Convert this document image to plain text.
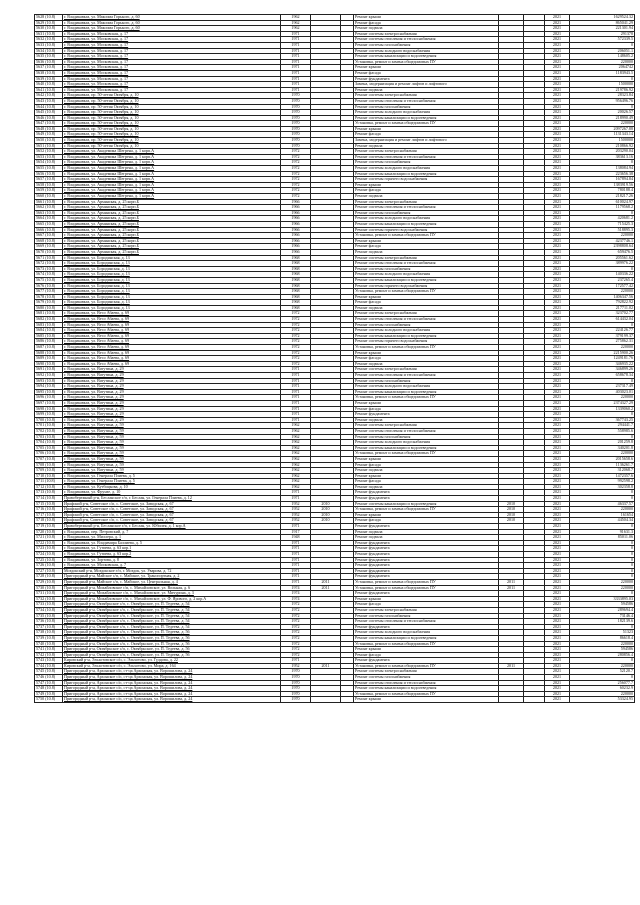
5628 (10.8)	г. Владикавказ, ул. Максима Горького, д. 60	1962			Ремонт крыши			2021	1629524.32
5629 (10.8)	г. Владикавказ, ул. Максима Горького, д. 60	1962			Ремонт фасада			2021	865041.29
5630 (10.8)	г. Владикавказ, ул. Максима Горького, д. 60	1962			Ремонт подвала			2021	221301.94
5631 (10.8)	г. Владикавказ, ул. Московская, д. 17	1971			Ремонт системы электроснабжения			2021	291378
5632 (10.8)	г. Владикавказ, ул. Московская, д. 17	1971			Ремонт системы отопления и теплоснабжения			2021	572339.5
5633 (10.8)	г. Владикавказ, ул. Московская, д. 17	1971			Ремонт системы газоснабжения			2021	0
5634 (10.8)	г. Владикавказ, ул. Московская, д. 17	1971			Ремонт системы холодного водоснабжения			2021	206051.1
5635 (10.8)	г. Владикавказ, ул. Московская, д. 17	1971			Ремонт системы канализации и водоотведения			2021	148605.2
5636 (10.8)	г. Владикавказ, ул. Московская, д. 17	1971			Установка, ремонт и замена общедомовых ПУ			2021	220000
5637 (10.8)	г. Владикавказ, ул. Московская, д. 17	1971			Ремонт крыши			2021	2064742
5638 (10.8)	г. Владикавказ, ул. Московская, д. 17	1971			Ремонт фасада			2021	1183943.5
5639 (10.8)	г. Владикавказ, ул. Московская, д. 17	1971			Ремонт фундамента			2021	0
5640 (10.8)	г. Владикавказ, ул. Московская, д. 17	1971			Замена, модернизация и ремонт лифтов и лифтового			2021	1500000
5641 (10.8)	г. Владикавказ, ул. Московская, д. 17	1971			Ремонт подвала			2021	219786.92
5642 (10.8)	г. Владикавказ, пр. 50-летия Октября, д. 10	1970			Ремонт системы электроснабжения			2021	28323.84
5643 (10.8)	г. Владикавказ, пр. 50-летия Октября, д. 10	1970			Ремонт системы отопления и теплоснабжения			2021	956496.76
5644 (10.8)	г. Владикавказ, пр. 50-летия Октября, д. 10	1970			Ремонт системы газоснабжения			2021	0
5645 (10.8)	г. Владикавказ, пр. 50-летия Октября, д. 10	1970			Ремонт системы холодного водоснабжения			2021	20026.57
5646 (10.8)	г. Владикавказ, пр. 50-летия Октября, д. 10	1970			Ремонт системы канализации и водоотведения			2021	218990.49
5647 (10.8)	г. Владикавказ, пр. 50-летия Октября, д. 10	1970			Установка, ремонт и замена общедомовых ПУ			2021	220000
5648 (10.8)	г. Владикавказ, пр. 50-летия Октября, д. 10	1970			Ремонт крыши			2021	2097267.88
5649 (10.8)	г. Владикавказ, пр. 50-летия Октября, д. 10	1970			Ремонт фасада			2021	1131343.14
5650 (10.8)	г. Владикавказ, пр. 50-летия Октября, д. 10	1970			Замена, модернизация и ремонт лифтов и лифтового			2021	1500000
5651 (10.8)	г. Владикавказ, пр. 50-летия Октября, д. 10	1970			Ремонт подвала			2021	210866.92
5652 (10.8)	г. Владикавказ, ул. Академика Шегрена, д. 1 корп.А	1972			Ремонт системы электроснабжения			2021	203290.04
5653 (10.8)	г. Владикавказ, ул. Академика Шегрена, д. 1 корп.А	1972			Ремонт системы отопления и теплоснабжения			2021	383613.16
5654 (10.8)	г. Владикавказ, ул. Академика Шегрена, д. 1 корп.А	1972			Ремонт системы газоснабжения			2021	0
5655 (10.8)	г. Владикавказ, ул. Академика Шегрена, д. 1 корп.А	1972			Ремонт системы холодного водоснабжения			2021	138084.94
5656 (10.8)	г. Владикавказ, ул. Академика Шегрена, д. 1 корп.А	1972			Ремонт системы канализации и водоотведения			2021	223656.38
5657 (10.8)	г. Владикавказ, ул. Академика Шегрена, д. 1 корп.А	1972			Ремонт системы горячего водоснабжения			2021	167894.84
5658 (10.8)	г. Владикавказ, ул. Академика Шегрена, д. 1 корп.А	1972			Ремонт крыши			2021	1383919.56
5659 (10.8)	г. Владикавказ, ул. Академика Шегрена, д. 1 корп.А	1972			Ремонт фасада			2021	780188.4
5660 (10.8)	г. Владикавказ, ул. Академика Шегрена, д. 1 корп.А	1972			Ремонт подвала			2021	218217.26
5661 (10.8)	г. Владикавказ, ул. Армянская, д. 25 корп.Б	1966			Ремонт системы электроснабжения			2021	610024.97
5662 (10.8)	г. Владикавказ, ул. Армянская, д. 25 корп.Б	1966			Ремонт системы отопления и теплоснабжения			2021	1179568.2
5663 (10.8)	г. Владикавказ, ул. Армянская, д. 25 корп.Б	1966			Ремонт системы газоснабжения			2021	0
5664 (10.8)	г. Владикавказ, ул. Армянская, д. 25 корп.Б	1966			Ремонт системы холодного водоснабжения			2021	420681.2
5665 (10.8)	г. Владикавказ, ул. Армянская, д. 25 корп.Б	1966			Ремонт системы канализации и водоотведения			2021	715425.3
5666 (10.8)	г. Владикавказ, ул. Армянская, д. 25 корп.Б	1966			Ремонт системы горячего водоснабжения			2021	518895.3
5667 (10.8)	г. Владикавказ, ул. Армянская, д. 25 корп.Б	1966			Установка, ремонт и замена общедомовых ПУ			2021	220000
5668 (10.8)	г. Владикавказ, ул. Армянская, д. 25 корп.Б	1966			Ремонт крыши			2021	4237746.1
5669 (10.8)	г. Владикавказ, ул. Армянская, д. 25 корп.Б	1966			Ремонт фасада			2021	2398808.64
5670 (10.8)	г. Владикавказ, ул. Армянская, д. 25 корп.Б	1966			Ремонт подвала			2021	659476.5
5671 (10.8)	г. Владикавказ, ул. Бородинская, д. 13	1968			Ремонт системы электроснабжения			2021	205561.62
5672 (10.8)	г. Владикавказ, ул. Бородинская, д. 13	1968			Ремонт системы отопления и теплоснабжения			2021	389976.22
5673 (10.8)	г. Владикавказ, ул. Бородинская, д. 13	1968			Ремонт системы газоснабжения			2021	0
5674 (10.8)	г. Владикавказ, ул. Бородинская, д. 13	1968			Ремонт системы холодного водоснабжения			2021	140336.22
5675 (10.8)	г. Владикавказ, ул. Бородинская, д. 13	1968			Ремонт системы канализации и водоотведения			2021	237265.4
5676 (10.8)	г. Владикавказ, ул. Бородинская, д. 13	1968			Ремонт системы горячего водоснабжения			2021	172577.42
5677 (10.8)	г. Владикавказ, ул. Бородинская, д. 13	1968			Установка, ремонт и замена общедомовых ПУ			2021	220000
5678 (10.8)	г. Владикавказ, ул. Бородинская, д. 13	1968			Ремонт крыши			2021	1406347.56
5679 (10.8)	г. Владикавказ, ул. Бородинская, д. 13	1968			Ремонт фасада			2021	792822.92
5680 (10.8)	г. Владикавказ, ул. Бородинская, д. 13	1968			Ремонт подвала			2021	217711.02
5681 (10.8)	г. Владикавказ, ул. Весо Абаева, д. 69	1972			Ремонт системы электроснабжения			2021	323702.77
5682 (10.8)	г. Владикавказ, ул. Весо Абаева, д. 69	1972			Ремонт системы отопления и теплоснабжения			2021	614432.04
5683 (10.8)	г. Владикавказ, ул. Весо Абаева, д. 69	1972			Ремонт системы газоснабжения			2021	0
5684 (10.8)	г. Владикавказ, ул. Весо Абаева, д. 69	1972			Ремонт системы холодного водоснабжения			2021	224126.77
5685 (10.8)	г. Владикавказ, ул. Весо Абаева, д. 69	1972			Ремонт системы канализации и водоотведения			2021	379199.37
5686 (10.8)	г. Владикавказ, ул. Весо Абаева, д. 69	1972			Ремонт системы горячего водоснабжения			2021	275862.31
5687 (10.8)	г. Владикавказ, ул. Весо Абаева, д. 69	1972			Установка, ремонт и замена общедомовых ПУ			2021	220000
5688 (10.8)	г. Владикавказ, ул. Весо Абаева, д. 69	1972			Ремонт крыши			2021	2215900.26
5689 (10.8)	г. Владикавказ, ул. Весо Абаева, д. 69	1972			Ремонт фасада			2021	1249181.76
5690 (10.8)	г. Владикавказ, ул. Весо Абаева, д. 69	1972			Ремонт подвала			2021	346935.22
5691 (10.8)	г. Владикавказ, ул. Ватутина, д. 29	1971			Ремонт системы электроснабжения			2021	346899.26
5692 (10.8)	г. Владикавказ, ул. Ватутина, д. 29	1971			Ремонт системы отопления и теплоснабжения			2021	658678.34
5693 (10.8)	г. Владикавказ, ул. Ватутина, д. 29	1971			Ремонт системы газоснабжения			2021	0
5694 (10.8)	г. Владикавказ, ул. Ватутина, д. 29	1971			Ремонт системы холодного водоснабжения			2021	237317.49
5695 (10.8)	г. Владикавказ, ул. Ватутина, д. 29	1971			Ремонт системы канализации и водоотведения			2021	403023.01
5696 (10.8)	г. Владикавказ, ул. Ватутина, д. 29	1971			Установка, ремонт и замена общедомовых ПУ			2021	220000
5697 (10.8)	г. Владикавказ, ул. Ватутина, д. 29	1971			Ремонт крыши			2021	2374327.29
5698 (10.8)	г. Владикавказ, ул. Ватутина, д. 29	1971			Ремонт фасада			2021	1339060.2
5699 (10.8)	г. Владикавказ, ул. Ватутина, д. 29	1971			Ремонт фундамента			2021	0
5700 (10.8)	г. Владикавказ, ул. Ватутина, д. 29	1971			Ремонт подвала			2021	367743.25
5701 (10.8)	г. Владикавказ, ул. Ватутина, д. 59	1962			Ремонт системы электроснабжения			2021	294441.7
5702 (10.8)	г. Владикавказ, ул. Ватутина, д. 59	1962			Ремонт системы отопления и теплоснабжения			2021	558985.6
5703 (10.8)	г. Владикавказ, ул. Ватутина, д. 59	1962			Ремонт системы газоснабжения			2021	0
5704 (10.8)	г. Владикавказ, ул. Ватутина, д. 59	1962			Ремонт системы холодного водоснабжения			2021	201259.8
5705 (10.8)	г. Владикавказ, ул. Ватутина, д. 59	1962			Ремонт системы канализации и водоотведения			2021	340201.8
5706 (10.8)	г. Владикавказ, ул. Ватутина, д. 59	1962			Установка, ремонт и замена общедомовых ПУ			2021	220000
5707 (10.8)	г. Владикавказ, ул. Ватутина, д. 59	1962			Ремонт крыши			2021	2015658.6
5708 (10.8)	г. Владикавказ, ул. Ватутина, д. 59	1962			Ремонт фасада			2021	1136261.7
5709 (10.8)	г. Владикавказ, ул. Ватутина, д. 59	1962			Ремонт подвала			2021	312068.7
5710 (10.8)	г. Владикавказ, ул. Генерала Плиева, д. 5	1962			Ремонт крыши			2021	1472357.6
5711 (10.8)	г. Владикавказ, ул. Генерала Плиева, д. 5	1962			Ремонт фасада			2021	992598.2
5712 (10.8)	г. Владикавказ, ул. Кутбицкова, д. 10	1962			Ремонт подвала			2021	302358.8
5713 (10.8)	г. Владикавказ, ул. Фрунзе, д. 10	1971			Ремонт фундамента			2021	0
5714 (10.8)	Правобережный р-н, Бесланское г/п, г. Беслан, ул. Генерала Плиева, д. 12	1971			Ремонт фундамента			2021	0
5715 (10.8)	Ирафский р-н, Советское с/п, с. Советское, ул. Заводская, д. 67	1952	2010		Ремонт системы канализации и водоотведения	2010		2021	46337.57
5716 (10.8)	Ирафский р-н, Советское с/п, с. Советское, ул. Заводская, д. 67	1952	2010		Установка, ремонт и замена общедомовых ПУ	2010		2021	220000
5717 (10.8)	Ирафский р-н, Советское с/п, с. Советское, ул. Заводская, д. 67	1952	2010		Ремонт крыши	2010		2021	161654
5718 (10.8)	Ирафский р-н, Советское с/п, с. Советское, ул. Заводская, д. 67	1952	2010		Ремонт фасада	2010		2021	44504.34
5719 (10.8)	Правобережный р-н, Бесланское г/п, г. Беслан, ул. Юбилея, д. 1 кор.А	1971			Ремонт фундамента			2021	0
5720 (10.8)	г. Владикавказ, пер. Петровский, д. 7	1917			Ремонт подвала			2021	91631.3
5721 (10.8)	г. Владикавказ, ул. Миллера, д. 1	1948			Ремонт подвала			2021	85011.06
5722 (10.8)	г. Владикавказ, ул. Владимира Баллиева, д. 5	1971			Ремонт фундамента			2021	0
5723 (10.8)	г. Владикавказ, ул. Гутиева, д. 63 кор.1	1971			Ремонт фундамента			2021	0
5724 (10.8)	г. Владикавказ, ул. Гутиева, д. 63 кор.2	1971			Ремонт фундамента			2021	0
5725 (10.8)	г. Владикавказ, ул. Зортова, д. 8	1971			Ремонт фундамента			2021	0
5726 (10.8)	г. Владикавказ, ул. Московская, д. 7	1971			Ремонт фундамента			2021	0
5727 (10.8)	Моздокский р-н, Моздокское г/п, г. Моздок, ул. Уварова, д. 72	1971			Ремонт фундамента			2021	0
5728 (10.8)	Пригородный р-н, Майское с/п, с. Майское, ул. Транспортная, д. 2	1971			Ремонт фундамента			2021	0
5729 (10.8)	Пригородный р-н, Майское с/п, с. Майское, ул. Центральная, д. 4	1971	2011		Установка, ремонт и замена общедомовых ПУ	2011		2021	220000
5730 (10.8)	Пригородный р-н, Михайловское с/п, с. Михайловское, ул. Вольная, д. 6	1974	2011		Установка, ремонт и замена общедомовых ПУ	2011		2021	220000
5731 (10.8)	Пригородный р-н, Михайловское с/п, с. Михайловское, ул. Мичурина, д. 3	1974			Ремонт фундамента			2021	0
5732 (10.8)	Пригородный р-н, Михайловское с/п, с. Михайловское, ул. Ф. Ярового, д. 2 кор.А	1974			Ремонт крыши			2021	3333895.03
5733 (10.8)	Пригородный р-н, Октябрьское с/п, с. Октябрьское, ул. П. Тедеева, д. 54	1972			Ремонт фасада			2021	594586
5734 (10.8)	Пригородный р-н, Октябрьское с/п, с. Октябрьское, ул. П. Тедеева, д. 54	1972			Ремонт системы электроснабжения			2021	289694.4
5735 (10.8)	Пригородный р-н, Октябрьское с/п, с. Октябрьское, ул. П. Тедеева, д. 54	1972			Ремонт системы газоснабжения			2021	73146.4
5736 (10.8)	Пригородный р-н, Октябрьское с/п, с. Октябрьское, ул. П. Тедеева, д. 54	1972			Ремонт системы отопления и теплоснабжения			2021	182139.6
5737 (10.8)	Пригородный р-н, Октябрьское с/п, с. Октябрьское, ул. П. Тедеева, д. 54	1972			Ремонт фундамента			2021	0
5738 (10.8)	Пригородный р-н, Октябрьское с/п, с. Октябрьское, ул. П. Тедеева, д. 56	1972			Ремонт системы холодного водоснабжения			2021	51323
5739 (10.8)	Пригородный р-н, Октябрьское с/п, с. Октябрьское, ул. П. Тедеева, д. 56	1972			Ремонт системы канализации и водоотведения			2021	86618.4
5740 (10.8)	Пригородный р-н, Октябрьское с/п, с. Октябрьское, ул. П. Тедеева, д. 56	1972			Установка, ремонт и замена общедомовых ПУ			2021	220000
5741 (10.8)	Пригородный р-н, Октябрьское с/п, с. Октябрьское, ул. П. Тедеева, д. 56	1972			Ремонт крыши			2021	594586
5742 (10.8)	Пригородный р-н, Октябрьское с/п, с. Октябрьское, ул. П. Тедеева, д. 56	1972			Ремонт фасада			2021	280856.4
5743 (10.8)	Кировский р-н, Эльхотовское с/п, с. Эльхотово, ул. Гудцова, д. 22	1971			Ремонт фундамента			2021	0
5744 (10.8)	Кировский р-н, Эльхотовское с/п, с. Эльхотово, ул. Мира, д. 164	1952	2011		Установка, ремонт и замена общедомовых ПУ	2011		2021	220000
5745 (10.8)	Пригородный р-н, Архонское с/п, ст-ца Архонская, ул. Ворошилова, д. 24	1970			Ремонт системы электроснабжения			2021	52120.7
5746 (10.8)	Пригородный р-н, Архонское с/п, ст-ца Архонская, ул. Ворошилова, д. 24	1970			Ремонт системы газоснабжения			2021	0
5747 (10.8)	Пригородный р-н, Архонское с/п, ст-ца Архонская, ул. Ворошилова, д. 24	1970			Ремонт системы отопления и теплоснабжения			2021	256077.7
5748 (10.8)	Пригородный р-н, Архонское с/п, ст-ца Архонская, ул. Ворошилова, д. 24	1970			Ремонт системы канализации и водоотведения			2021	60232.9
5749 (10.8)	Пригородный р-н, Архонское с/п, ст-ца Архонская, ул. Ворошилова, д. 24	1970			Установка, ремонт и замена общедомовых ПУ			2021	220000
5750 (10.8)	Пригородный р-н, Архонское с/п, ст-ца Архонская, ул. Ворошилова, д. 24	1970			Ремонт крыши			2021	53324.95
